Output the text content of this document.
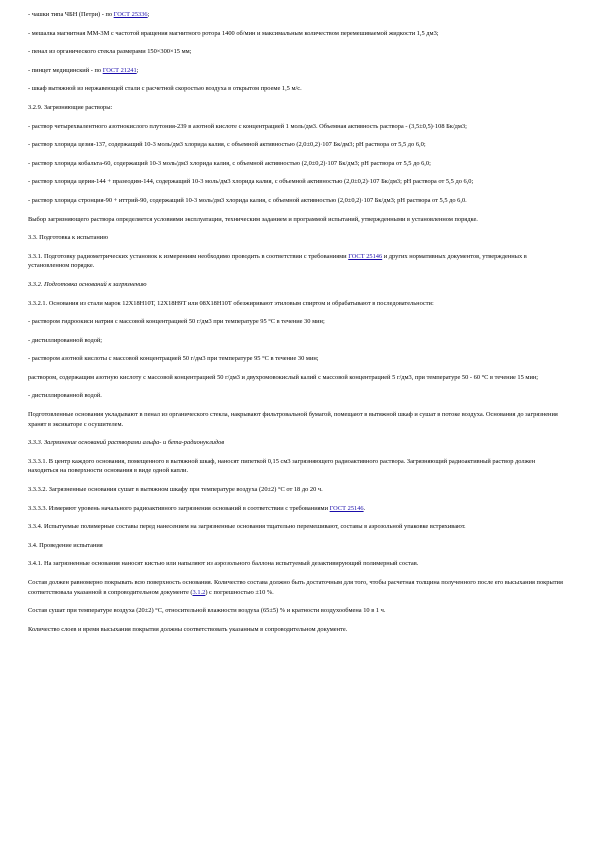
- чашки типа ЧБН (Петри) - по ГОСТ 25336;

- мешалка магнитная ММ-3М с частотой вращения магнитного ротора 1400 об/мин и максимальным количеством перемешиваемой жидкости 1,5 дм3;

- пенал из органического стекла размерами 150×300×15 мм;

- пинцет медицинский - по ГОСТ 21241;

- шкаф вытяжной из нержавеющей стали с расчетной скоростью воздуха в открытом проеме 1,5 м/с.

3.2.9. Загрязняющие растворы:

- раствор четырехвалентного азотнокислого плутония-239 в азотной кислоте с концентрацией 1 моль/дм3. Объемная активность раствора - (3,5±0,5)·108 Бк/дм3;

- раствор хлорида цезия-137, содержащий 10-3 моль/дм3 хлорида калия, с объемной активностью (2,0±0,2)·107 Бк/дм3; рН раствора от 5,5 до 6,0;

- раствор хлорида кобальта-60, содержащий 10-3 моль/дм3 хлорида калия, с объемной активностью (2,0±0,2)·107 Бк/дм3; рН раствора от 5,5 до 6,0;

- раствор хлорида церия-144 + празеодим-144, содержащий 10-3 моль/дм3 хлорида калия, с объемной активностью (2,0±0,2)·107 Бк/дм3; рН раствора от 5,5 до 6,0;

- раствор хлорида стронция-90 + иттрий-90, содержащий 10-3 моль/дм3 хлорида калия, с объемной активностью (2,0±0,2)·107 Бк/дм3; рН раствора от 5,5 до 6,0.

Выбор загрязняющего раствора определяется условиями эксплуатации, техническим заданием и программой испытаний, утвержденными в установленном порядке.

3.3. Подготовка к испытанию

3.3.1. Подготовку радиометрических установок к измерениям необходимо проводить в соответствии с требованиями ГОСТ 25146 и других нормативных документов, утвержденных в установленном порядке.

3.3.2. Подготовка оснований к загрязнению

3.3.2.1. Основания из стали марок 12Х18Н10Т, 12Х18Н9Т или 08Х18Н10Т обезжиривают этиловым спиртом и обрабатывают в последовательности:

- раствором гидроокиси натрия с массовой концентрацией 50 г/дм3 при температуре 95 °С в течение 30 мин;

- дистиллированной водой;

- раствором азотной кислоты с массовой концентрацией 50 г/дм3 при температуре 95 °С в течение 30 мин;

раствором, содержащим азотную кислоту с массовой концентрацией 50 г/дм3 и двухромовокислый калий с массовой концентрацией 5 г/дм3, при температуре 50 - 60 °С в течение 15 мин;

- дистиллированной водой.

Подготовленные основания укладывают в пенал из органического стекла, накрывают фильтровальной бумагой, помещают в вытяжной шкаф и сушат в потоке воздуха. Основания до загрязнения хранят в эксикаторе с осушителем.

3.3.3. Загрязнение оснований растворами альфа- и бета-радионуклидов

3.3.3.1. В центр каждого основания, помещенного в вытяжной шкаф, наносят пипеткой 0,15 см3 загрязняющего радиоактивного раствора. Загрязняющий радиоактивный раствор должен находиться на поверхности основания в виде одной капли.

3.3.3.2. Загрязненные основания сушат в вытяжном шкафу при температуре воздуха (20±2) °С от 18 до 20 ч.

3.3.3.3. Измеряют уровень начального радиоактивного загрязнения оснований в соответствии с требованиями ГОСТ 25146.

3.3.4. Испытуемые полимерные составы перед нанесением на загрязненные основания тщательно перемешивают, составы в аэрозольной упаковке встряхивают.

3.4. Проведение испытания

3.4.1. На загрязненные основания наносят кистью или напыляют из аэрозольного баллона испытуемый дезактивирующий полимерный состав.

Состав должен равномерно покрывать всю поверхность основания. Количество состава должно быть достаточным для того, чтобы расчетная толщина полученного после его высыхания покрытия соответствовала указанной в сопроводительном документе (3.1.2) с погрешностью ±10 %.

Состав сушат при температуре воздуха (20±2) °С, относительной влажности воздуха (65±5) % и кратности воздухообмена 10 в 1 ч.

Количество слоев и время высыхания покрытия должны соответствовать указанным в сопроводительном документе.
